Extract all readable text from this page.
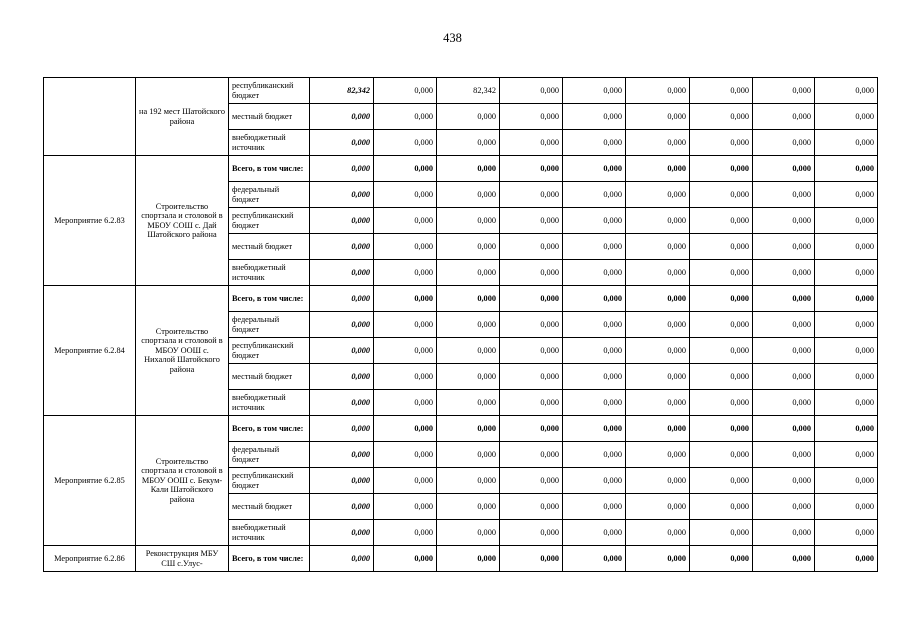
438
	на 192 мест Шатойского района	республиканский бюджет	82,342	0,000	82,342	0,000	0,000	0,000	0,000	0,000	0,000
		местный бюджет	0,000	0,000	0,000	0,000	0,000	0,000	0,000	0,000	0,000
		внебюджетный источник	0,000	0,000	0,000	0,000	0,000	0,000	0,000	0,000	0,000
Мероприятие 6.2.83	Строительство спортзала и столовой в МБОУ СОШ с. Дай Шатойского района	Всего, в том числе:	0,000	0,000	0,000	0,000	0,000	0,000	0,000	0,000	0,000
		федеральный бюджет	0,000	0,000	0,000	0,000	0,000	0,000	0,000	0,000	0,000
		республиканский бюджет	0,000	0,000	0,000	0,000	0,000	0,000	0,000	0,000	0,000
		местный бюджет	0,000	0,000	0,000	0,000	0,000	0,000	0,000	0,000	0,000
		внебюджетный источник	0,000	0,000	0,000	0,000	0,000	0,000	0,000	0,000	0,000
Мероприятие 6.2.84	Строительство спортзала и столовой в МБОУ ООШ с. Нихалой Шатойского района	Всего, в том числе:	0,000	0,000	0,000	0,000	0,000	0,000	0,000	0,000	0,000
		федеральный бюджет	0,000	0,000	0,000	0,000	0,000	0,000	0,000	0,000	0,000
		республиканский бюджет	0,000	0,000	0,000	0,000	0,000	0,000	0,000	0,000	0,000
		местный бюджет	0,000	0,000	0,000	0,000	0,000	0,000	0,000	0,000	0,000
		внебюджетный источник	0,000	0,000	0,000	0,000	0,000	0,000	0,000	0,000	0,000
Мероприятие 6.2.85	Строительство спортзала и столовой в МБОУ ООШ с. Бекум-Кали Шатойского района	Всего, в том числе:	0,000	0,000	0,000	0,000	0,000	0,000	0,000	0,000	0,000
		федеральный бюджет	0,000	0,000	0,000	0,000	0,000	0,000	0,000	0,000	0,000
		республиканский бюджет	0,000	0,000	0,000	0,000	0,000	0,000	0,000	0,000	0,000
		местный бюджет	0,000	0,000	0,000	0,000	0,000	0,000	0,000	0,000	0,000
		внебюджетный источник	0,000	0,000	0,000	0,000	0,000	0,000	0,000	0,000	0,000
Мероприятие 6.2.86	Реконструкция МБУ СШ с.Улус-	Всего, в том числе:	0,000	0,000	0,000	0,000	0,000	0,000	0,000	0,000	0,000
